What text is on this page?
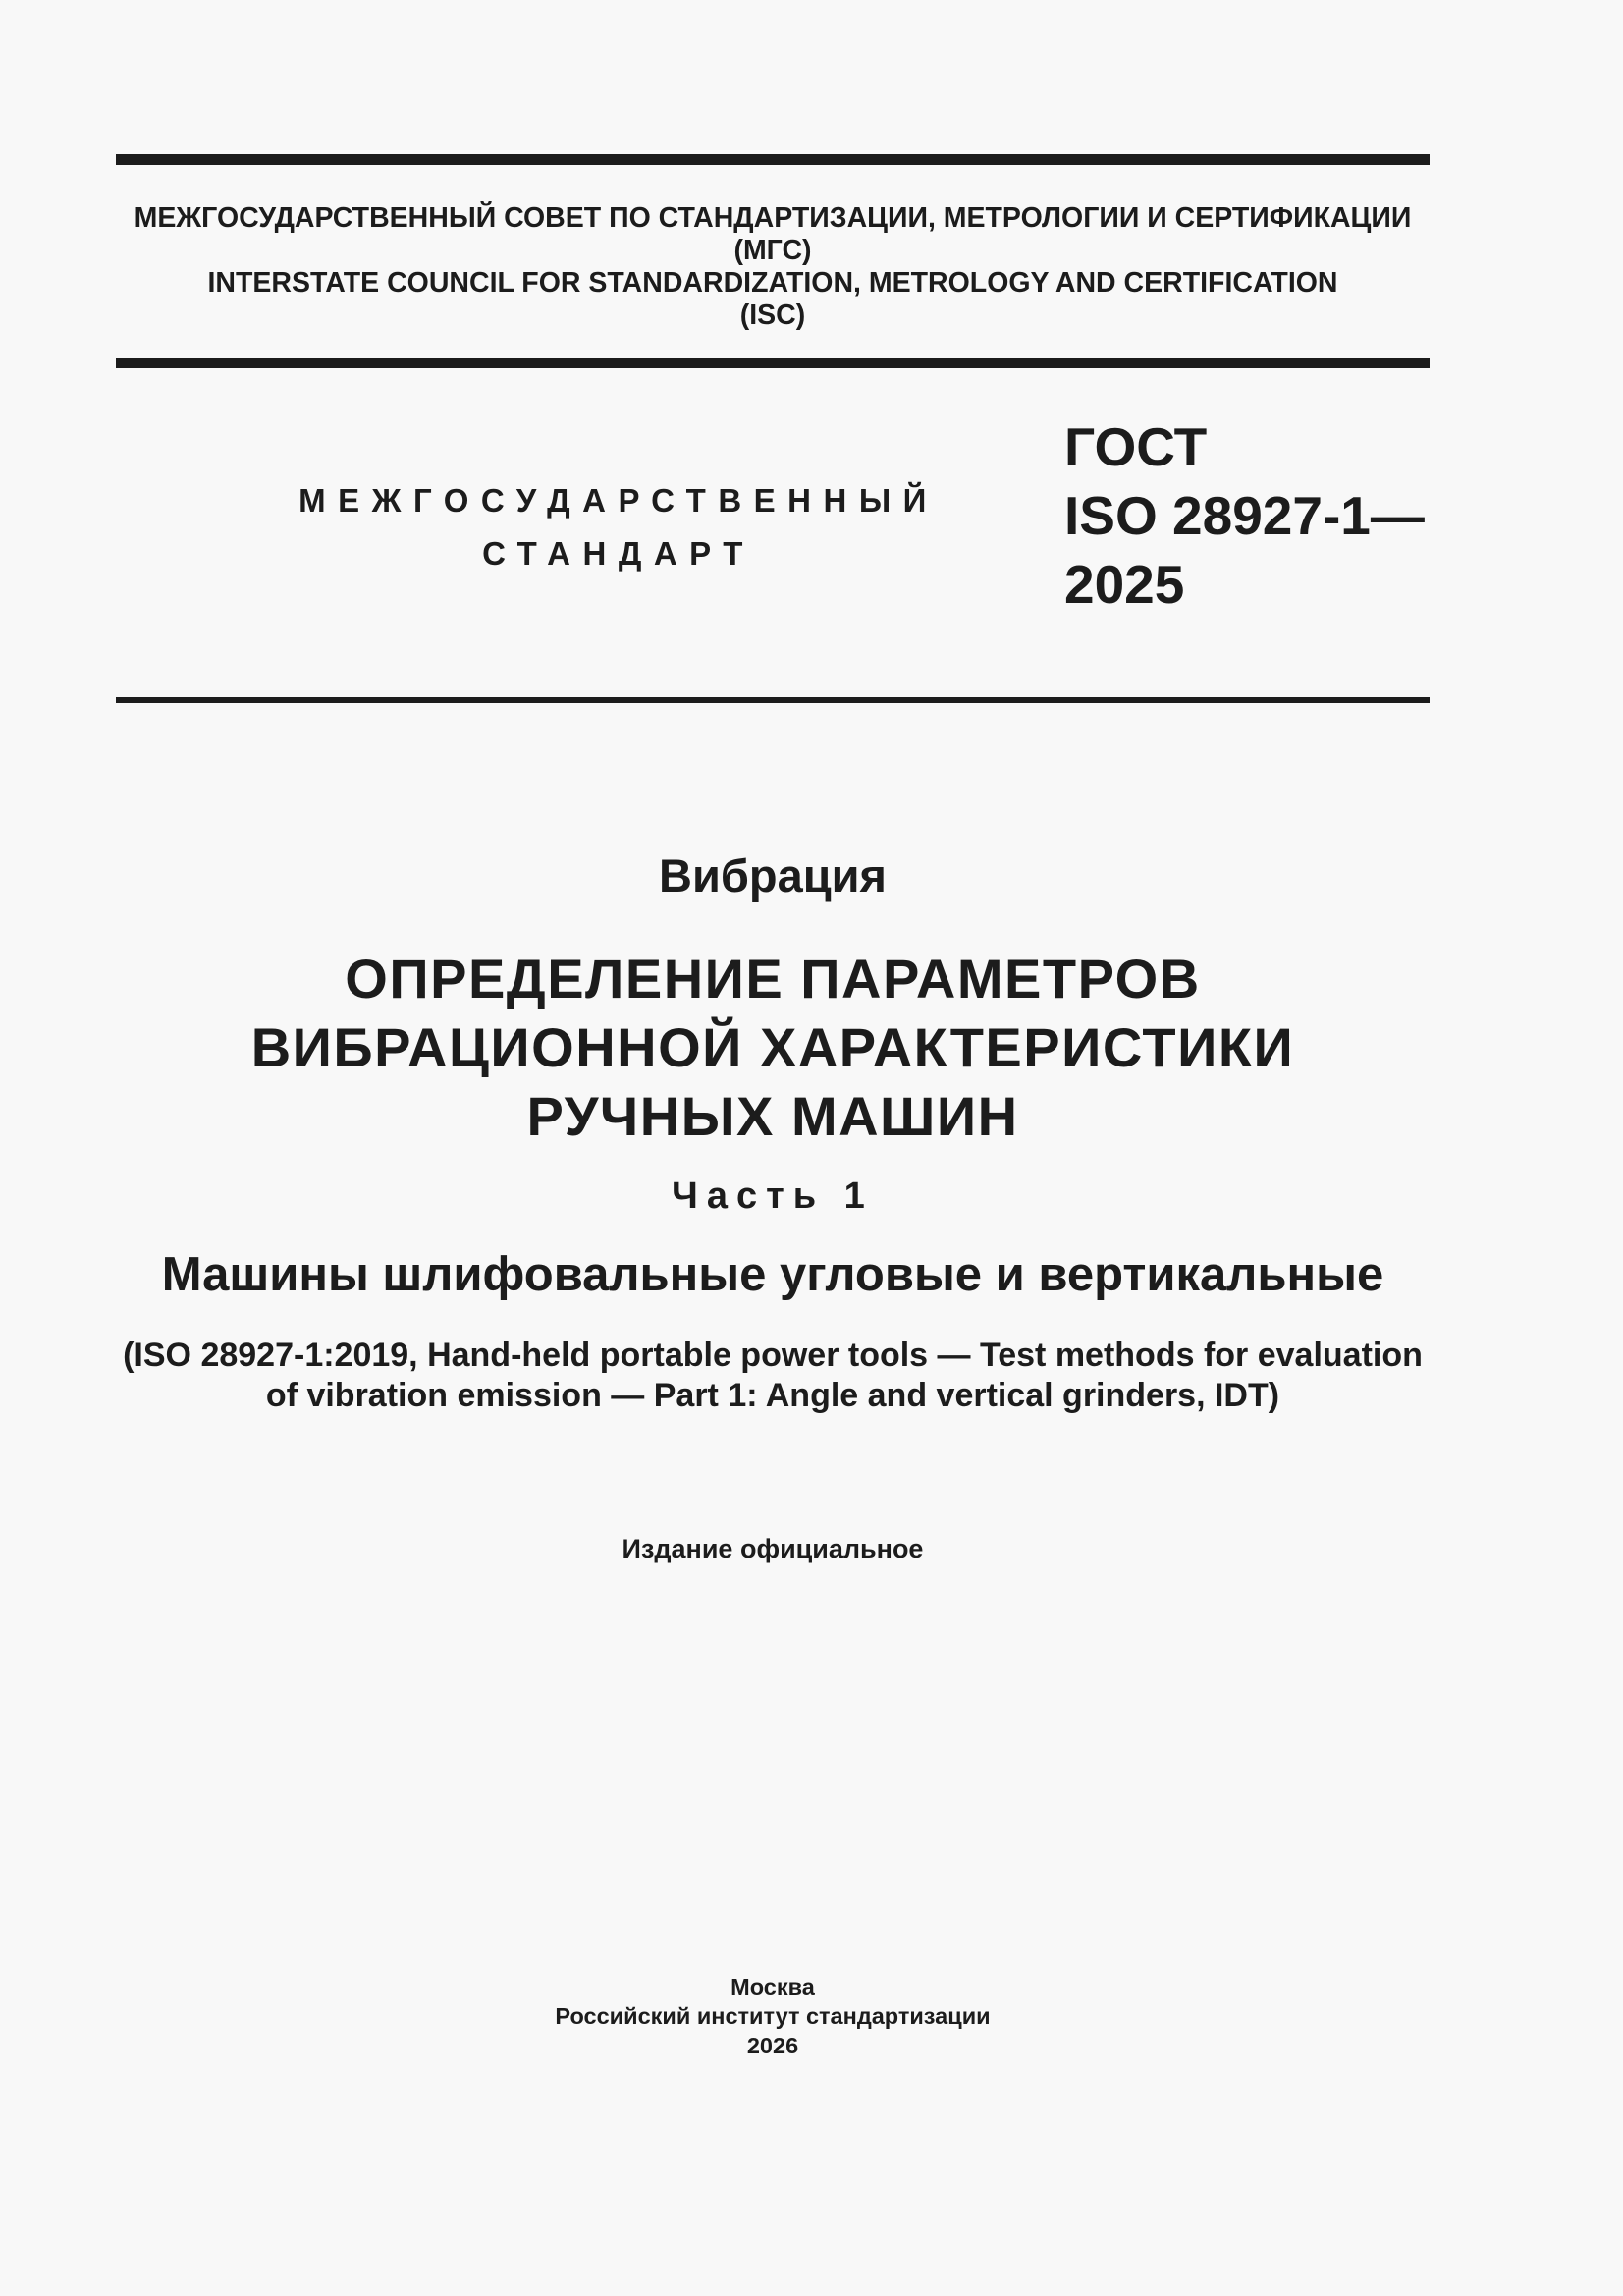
МЕЖГОСУДАРСТВЕННЫЙ СОВЕТ ПО СТАНДАРТИЗАЦИИ, МЕТРОЛОГИИ И СЕРТИФИКАЦИИ
(МГС)
INTERSTATE COUNCIL FOR STANDARDIZATION, METROLOGY AND CERTIFICATION
(ISC)
МЕЖГОСУДАРСТВЕННЫЙ
СТАНДАРТ
ГОСТ
ISO 28927-1—
2025
Вибрация
ОПРЕДЕЛЕНИЕ ПАРАМЕТРОВ
ВИБРАЦИОННОЙ ХАРАКТЕРИСТИКИ
РУЧНЫХ МАШИН
Часть 1
Машины шлифовальные угловые и вертикальные
(ISO 28927-1:2019, Hand-held portable power tools — Test methods for evaluation
of vibration emission — Part 1: Angle and vertical grinders, IDT)
Издание официальное
Москва
Российский институт стандартизации
2026
